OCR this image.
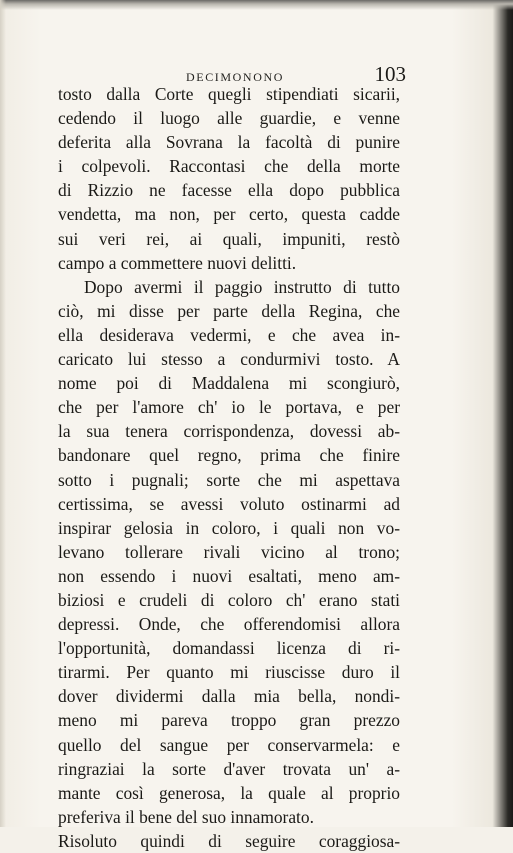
DECIMONONO	103
tosto dalla Corte quegli stipendiati sicarii,
cedendo il luogo alle guardie, e venne
deferita alla Sovrana la facoltà di punire
i colpevoli. Raccontasi che della morte
di Rizzio ne facesse ella dopo pubblica
vendetta, ma non, per certo, questa cadde
sui veri rei, ai quali, impuniti, restò
campo a commettere nuovi delitti.
Dopo avermi il paggio instrutto di tutto
ciò, mi disse per parte della Regina, che
ella desiderava vedermi, e che avea in-
caricato lui stesso a condurmivi tosto. A
nome poi di Maddalena mi scongiurò,
che per l'amore ch' io le portava, e per
la sua tenera corrispondenza, dovessi ab-
bandonare quel regno, prima che finire
sotto i pugnali; sorte che mi aspettava
certissima, se avessi voluto ostinarmi ad
inspirar gelosia in coloro, i quali non vo-
levano tollerare rivali vicino al trono;
non essendo i nuovi esaltati, meno am-
biziosi e crudeli di coloro ch' erano stati
depressi. Onde, che offerendomisi allora
l'opportunità, domandassi licenza di ri-
tirarmi. Per quanto mi riuscisse duro il
dover dividermi dalla mia bella, nondi-
meno mi pareva troppo gran prezzo
quello del sangue per conservarmela: e
ringraziai la sorte d'aver trovata un' a-
mante così generosa, la quale al proprio
preferiva il bene del suo innamorato.
Risoluto quindi di seguire coraggiosa-
